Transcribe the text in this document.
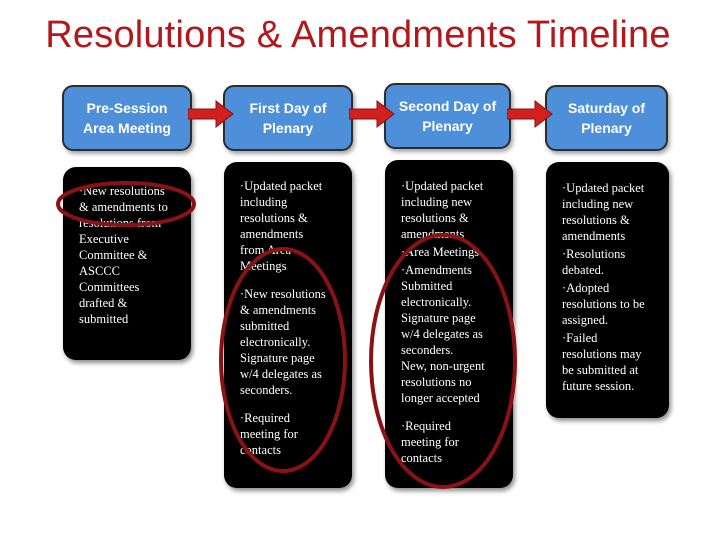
Resolutions & Amendments Timeline
Pre-Session
Area Meeting
First Day of
Plenary
Second Day of
Plenary
Saturday of
Plenary

·New resolutions
& amendments to
resolutions from
Executive
Committee &
ASCCC
Committees
drafted &
submitted

·Updated packet
including
resolutions &
amendments
from Area
Meetings

·New resolutions
& amendments
submitted
electronically.
Signature page
w/4 delegates as
seconders.

·Required
meeting for
contacts

·Updated packet
including new
resolutions &
amendments

·Area Meetings

·Amendments
Submitted
electronically.
Signature page
w/4 delegates as
seconders.
New, non-urgent
resolutions no
longer accepted

·Required
meeting for
contacts

·Updated packet
including new
resolutions &
amendments

·Resolutions
debated.

·Adopted
resolutions to be
assigned.

·Failed
resolutions may
be submitted at
future session.
